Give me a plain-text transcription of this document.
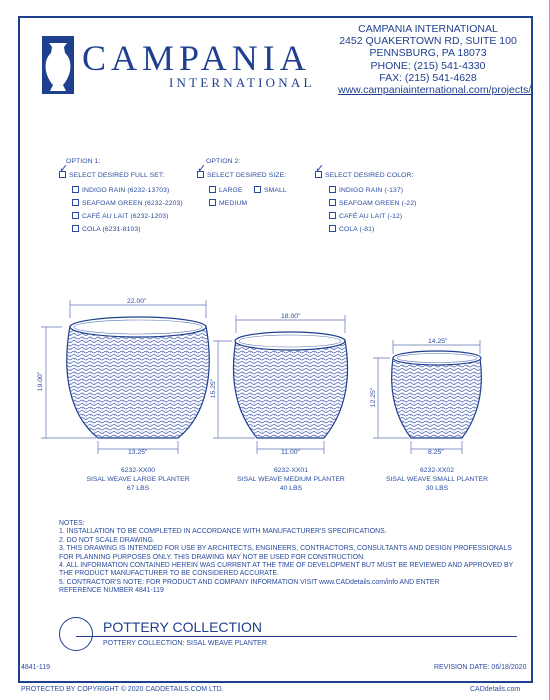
CAMPANIA
INTERNATIONAL
CAMPANIA INTERNATIONAL
2452 QUAKERTOWN RD, SUITE 100
PENNSBURG, PA 18073
PHONE: (215) 541-4330
FAX: (215) 541-4628
www.campaniainternational.com/projects/
OPTION 1:
✓SELECT DESIRED FULL SET:
INDIGO RAIN (6232-13703)
SEAFOAM GREEN (6232-2203)
CAFÉ AU LAIT (6232-1203)
COLA (6231-8103)
OPTION 2:
✓SELECT DESIRED SIZE:
LARGE	SMALL
MEDIUM
✓SELECT DESIRED COLOR:
INDIGO RAIN (-137)
SEAFOAM GREEN (-22)
CAFÉ AU LAIT (-12)
COLA (-81)
22.00"
19.00"
13.25"
18.00"
15.25"
11.00"
14.25"
12.25"
8.25"
6232-XX00
SISAL WEAVE LARGE PLANTER
67 LBS
6232-XX01
SISAL WEAVE MEDIUM PLANTER
40 LBS
6232-XX02
SISAL WEAVE SMALL PLANTER
30 LBS
NOTES:
1. INSTALLATION TO BE COMPLETED IN ACCORDANCE WITH MANUFACTURER'S SPECIFICATIONS.
2. DO NOT SCALE DRAWING.
3. THIS DRAWING IS INTENDED FOR USE BY ARCHITECTS, ENGINEERS, CONTRACTORS, CONSULTANTS AND DESIGN PROFESSIONALS
FOR PLANNING PURPOSES ONLY. THIS DRAWING MAY NOT BE USED FOR CONSTRUCTION.
4. ALL INFORMATION CONTAINED HEREIN WAS CURRENT AT THE TIME OF DEVELOPMENT BUT MUST BE REVIEWED AND APPROVED BY
THE PRODUCT MANUFACTURER TO BE CONSIDERED ACCURATE.
5. CONTRACTOR'S NOTE: FOR PRODUCT AND COMPANY INFORMATION VISIT www.CADdetails.com/info AND ENTER
REFERENCE NUMBER 4841-119
POTTERY COLLECTION
POTTERY COLLECTION: SISAL WEAVE PLANTER
4841-119	REVISION DATE: 06/18/2020
PROTECTED BY COPYRIGHT © 2020 CADDETAILS.COM LTD.	CADdetails.com
